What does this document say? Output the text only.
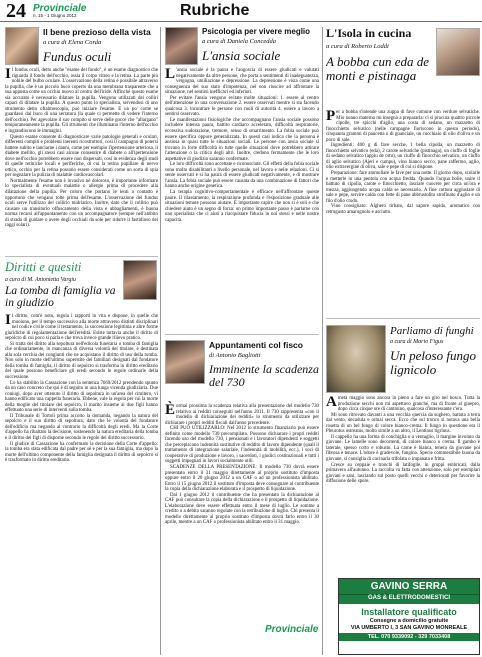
24 Provinciale
n. 15 - 1 Giugno 2012	Rubriche
Il bene prezioso della vista
a cura di Elena Corda
Fundus oculi
I l fundus oculi, detto anche "esame del fondo", è un esame diagnostico che riguarda il fondo dell'occhio, ossia il corpo vitreo e la retina. La parte più nobile del bulbo oculare. L'osservazione della retina è possibile attraverso la pupilla, che è un piccolo buco coperto da una membrana trasparente che a sua apposta come un occhio nuovo al centro dell'iride. Affinché questo esame sia accurato è necessario dilatare la pupilla. Vengono utilizzati dei colliri capaci di dilatare la pupilla. A questo punto lo specialista, servendosi di uno strumento detto oftalmoscopio, può iniziare l'esame. E un po' come se guardassi dal buco di una serratura (la quale ci permette di vedere l'interno dell'occhio). Per agevolare il suo compito si serve delle gocce che "allargano" temporaneamente la pupilla. Gli strumenti che illuminano l'interno dell'occhio e ingrandiscono le immagini.

Questo esame consente di diagnosticare varie patologie generali e oculari, differenti compiti e problemi inerenti ricostruttori, così il campagno di potersi battere subito e lanciarne i danni, come per esempio l'ipertensione arteriosa, il diabete mellito, gli stessi casi alcune consentire di diabete o all'ipertensione dove nell'occhio potrebbero essere non dispersati, così in evidenza degli studi di quelle retiniche locali e periferiche, di cui la retina pupillare di nervo ottico, occhio per la retina possono essere considerati come un sorta di spia per segnalare la pulizia di malattie cardiovascolari.

Normalmente l'esame non è invasivo né doloroso, è importante informare lo specialista di eventuali malattie o allergie prima di procedere alla dilatazione della pupilla. Per coloro che portano le lenti a contatto è opportuno che vengano tolte prima dell'esame. L'osservazione del fundus oculi serve l'utilizzo del collirio midriatico. Inoltre, dato che il collirio può causare un transitorio offuscamento della vista e abbagliamenti, è buona norma recarsi all'appuntamento con un accompagnatore (sempre nell'ambito di strada di guidare o avere degli occhiali da sole per ridurre il fastidioso dei raggi solari).

Diritti e quesiti
a cura di M. Antonietta Vargiu
La tomba di famiglia va in giudizio
I l diritto, com'è noto, regola i rapporti in vita e dispone, in quelle che muoiono, per il tempo successivo alla morte attraverso distinti disciplinari nel codice civile come il testamento, la successione legittima e altre forme giuridiche di regolamentazione dell'eredità. Esiste tuttavia anche il diritto di sepolcro di cui poco si parla e che trova invece grande rilievo pratico.

Si tratta del diritto alla sepoltura nell'edicola funeraria o tomba di famiglia che ordinariamente, in mancanza di diversa volontà del titolare, è destinata alla sola cerchia dei congiunti che ne acquistano il diritto di uso della tomba. Non solo in morte dell'ultimo superstite dei familiari designati dal fondatore della tomba di famiglia, il diritto di sepolcro si trasforma in diritto ereditario del quale possono beneficiare gli eredi secondo le regole ordinarie della successione.

Lo ha stabilito la Cassazione con la sentenza 7669/2012 prendendo spunto da un caso concreto che qui è di seguito in una lunga vicenda giudiziaria. Due coniugi, dopo aver ottenuto il diritto di sepoltura in un'area del cimitero, vi hanno edificato una cappella funeraria. Ebbene, vale la regola per cui la morte della moglie del titolare del sepolcro, il marito insieme ai due figli hanno effettuato una serie di interventi sulla tomba.

Il Tribunale di Tortolì prima accolto la domanda, negando la natura del sepolcro e il suo diritto di sepoltura; dato che le volontà del fondatore dell'edificio ma negando al contrario la difficoltà degli eredi. Ma la Corte d'appello ha ribaltato la decisione, sostenendo la natura ereditaria della tomba e il diritto dei figli di disporne secondo le regole del diritto successorio.

Il giudice di Cassazione ha confermato la decisione della Corte d'appello: la tomba era stata edificata dal padre per sé e per la sua famiglia, ma dopo la morte dell'ultimo componente della famiglia designata il diritto di sepolcro si è trasformato in diritto ereditario.

Psicologia per vivere meglio
a cura di Daniela Concedda
L'ansia sociale
L 'ansia sociale è la paura e l'angoscia di essere giudicati e valutati negativamente da altre persone, che porta a sentimenti di inadeguatezza, vergogna, umiliazione e depressione. La depressione è vista come una conseguenza del suo stato d'impotenza, nel non riuscire ad affrontare la situazione, nel sentirsi inefficaci ed inferiori.

Per evitare l'ansia vengono evitate molte situazioni: 1. essere al centro dell'attenzione in una conversazione 2. essere osservati mentre si sta facendo qualcosa 3. incontrare le persone con ruoli di autorità 4. essere a lavoro a sentirsi osservato.

Le manifestazioni fisiologiche che accompagnano l'ansia sociale possono includere intensa paura, battito cardiaco accelerato, difficoltà respiratorie, eccessiva sudorazione, tremore, senso di smarrimento. La fobia sociale può essere specifica oppure generalizzata. In questi casi indica che la persona è ansiosa in quasi tutte le situazioni sociali. Le persone con ansia sociale si trovano in forte difficoltà in tutte quelle situazioni dove potrebbero attirare l'attenzione o la critica degli altri. Inoltre, credono fermamente che le loro aspettative di giudizio saranno confermate.

Le loro difficoltà sono accettate e riconosciute. Gli effetti della fobia sociale sono molto disabilitanti a livello personale, nel lavoro e nelle relazioni. Ci si sente osservati e si ha paura di essere giudicati negativamente, e di mostrare l'ansia. La fobia sociale può essere causata da una combinazione di fattori che hanno anche origine genetica.

La terapia cognitivo-comportamentale è efficace nell'affrontare queste paure. Il rilassamento, la respirazione profonda e l'esposizione graduale alle situazioni temute possono aiutare. È importante capire che non si è soli e che chiedere aiuto è un segno di forza: un primo importante passo è parlarne con uno specialista che ci aiuti a riacquistare fiducia in noi stessi e nelle nostre capacità.

Appuntamenti col fisco
di Antonio Bagliotti
Imminente la scadenza del 730
È ormai prossima la scadenza relativa alla presentazione del modello 730 relativo ai redditi conseguiti nell'anno 2011. Il 730 rappresenta «con il modello di dichiarazione dei redditi» lo strumento da utilizzare per dichiarare i propri redditi fiscali dall'anno precedente.

CHI PUÒ UTILIZZARLO: Nel 2012 lo strumento finanziario può essere definito come modello 730 precompilato. Possono dichiarare i propri redditi facendo uso del modello 730, i pensionati e i lavoratori dipendenti e soggetti che percepiscono indennità sostitutive di reddito di lavoro dipendente (quali il trattamento di integrazione salariale, l'indennità di mobilità, ecc.), i soci di cooperative di produzione e lavoro, i sacerdoti, i giudici costituzionali e tutti i soggetti impegnati in lavori socialmente utili.

SCADENZE DELLA PRESENTAZIONE: Il modello 730 dovrà essere presentato entro il 31 maggio direttamente al proprio sostituto d'imposta oppure entro il 20 giugno 2012 a un CAF o ad un professionista abilitato. Entro il 15 giugno 2012 il sostituto d'imposta deve consegnare al contribuente la copia della dichiarazione elaborata e il prospetto di liquidazione.

Dal 1 giugno 2012 il contribuente che ha presentato la dichiarazione al CAF può consultare la copia della dichiarazione e il prospetto di liquidazione. L'elaborazione deve essere effettuata entro il mese di luglio. Le somme a credito o a debito saranno regolate con la retribuzione di luglio. Chi presenta il modello direttamente al proprio sostituto d'imposta dovrà farlo entro il 30 aprile, mentre a un CAF o professionista abilitato entro il 31 maggio.

Provinciale
L'Isola in cucina
a cura di Roberto Loddi
A bobba cun eda de monti e pistinaga
P er a bobba s'intende una zuppa di fave comune con verdure selvatiche. Mio nonno materno mi insegnò a prepararla: ci si procura quattro piccole cipolle, tre spicchi d'aglio, una costa di sedano, un mazzetto di finocchietto selvatico (nelle campagne fioriscono in questo periodo), cinquanta grammi di pancetta o di guanciale, un cucchiaio di olio d'oliva e un poco di sale.

Ingredienti: 400 g di fave secche, 1 bella cipolla, un mazzetto di finocchietto selvatico (eda), 2 carote selvatiche (pistinaga), un ciuffo di foglie di sedano selvatico (appiu de ortu), un ciuffo di finocchio selvatico, un ciuffo di aglio selvatico (Ajeri e cumpu), vino bianco secco, pane raffermo, aglio, olio extravergine di oliva, sale e pepe di cui si dispone.

Preparazione: fare ammollare le fave per una notte. Il giorno dopo, scolarle e metterle in una pentola con acqua fredda. Quando l'acqua bolle, unire il battuto di cipolla, carote e finocchietto, lasciare cuocere per circa un'ora e mezza, aggiungendo acqua calda se necessario. A fine cottura aggiustare di sale e pepe, servire calda con fette di pane abbrustolito strofinato d'aglio e un filo d'olio crudo.

Vino consigliato: Alghero tirbato, dal sapore sapido, aromatico con retrogusto amarognolo e asciutto.

Parliamo di funghi
a cura di Mario Figus
Un peloso fungo lignicolo
A metà maggio sono ancora in pieno a fare un giro nel bosco. Tutta la produzione secchi non mi aspettavo granché, ma di fronte al ginepro, dopo circa cinque ore di cammino, qualcosa d'interessante c'era.

Mi sono ritrovato davanti a una vecchia quercia da sughero, battuta a terra dal vento, decaduta e ormai secca. Ecco che sul tronco si notava una bella rosetta di un bel fungo di colore bianco-crema. Il fungo in questione era il Pleurotus ostreatus, molto simile a un altro, il Lentinus tigrinus.

Il cappello ha una forma di conchiglia o a ventaglio, il margine involuto da giovane. Le lamelle sono decorrenti, di colore bianco o crema. Il gambo è laterale, spesso corto e robusto. La carne è bianca, tenera da giovane poi fibrosa e tenace. L'odore è gradevole, fungino. Specie commestibile buona da giovane, si consiglia di cucinarla trifolata o impanata e fritta.

Cresce su ceppaie e tronchi di latifoglie, in gruppi embricati, dalla primavera all'autunno. La raccolta va fatta con attenzione, solo per esemplari giovani e sani, lasciando sul posto quelli vecchi o deteriorati per favorire la diffusione delle spore.

GAVINO SERRA
GAS & ELETTRODOMESTICI
Installatore qualificato
Consegne a domicilio gratuite
VIA UMBERTO I, 3 SAN GAVINO MONREALE
TEL. 070 9339092 - 329 7033408
